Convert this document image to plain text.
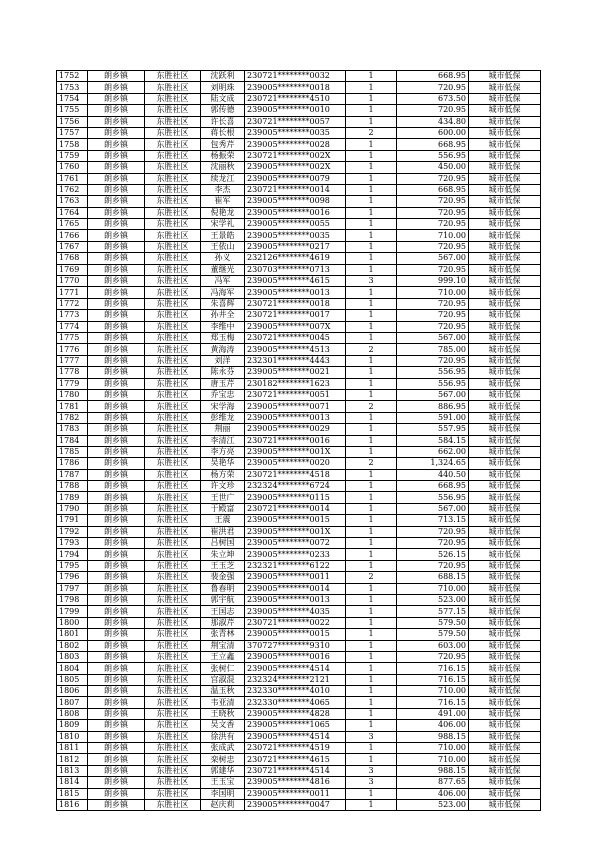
1752	朗乡镇	东胜社区	沈跃利	230721********0032	1	668.95	城市低保
1753	朗乡镇	东胜社区	刘明珠	239005********0018	1	720.95	城市低保
1754	朗乡镇	东胜社区	陆文成	230721********4510	1	673.50	城市低保
1755	朗乡镇	东胜社区	郭传德	239005********0010	1	720.95	城市低保
1756	朗乡镇	东胜社区	许长喜	230721********0057	1	434.80	城市低保
1757	朗乡镇	东胜社区	蒋长根	239005********0035	2	600.00	城市低保
1758	朗乡镇	东胜社区	包秀芹	239005********0028	1	668.95	城市低保
1759	朗乡镇	东胜社区	杨振荣	230721********002X	1	556.95	城市低保
1760	朗乡镇	东胜社区	沈丽秋	239005********002X	1	450.00	城市低保
1761	朗乡镇	东胜社区	续龙江	239005********0079	1	720.95	城市低保
1762	朗乡镇	东胜社区	李杰	230721********0014	1	668.95	城市低保
1763	朗乡镇	东胜社区	崔军	239005********0098	1	720.95	城市低保
1764	朗乡镇	东胜社区	倪艳龙	239005********0016	1	720.95	城市低保
1765	朗乡镇	东胜社区	宋学礼	239005********0055	1	720.95	城市低保
1766	朗乡镇	东胜社区	王景皓	239005********0035	1	710.00	城市低保
1767	朗乡镇	东胜社区	王依山	239005********0217	1	720.95	城市低保
1768	朗乡镇	东胜社区	孙义	232126********4619	1	567.00	城市低保
1769	朗乡镇	东胜社区	董继光	230703********0713	1	720.95	城市低保
1770	朗乡镇	东胜社区	冯军	239005********4615	3	999.10	城市低保
1771	朗乡镇	东胜社区	冯海军	239005********0013	1	710.00	城市低保
1772	朗乡镇	东胜社区	朱喜辉	230721********0018	1	720.95	城市低保
1773	朗乡镇	东胜社区	孙井全	230721********0017	1	720.95	城市低保
1774	朗乡镇	东胜社区	李维中	239005********007X	1	720.95	城市低保
1775	朗乡镇	东胜社区	郑玉梅	230721********0045	1	567.00	城市低保
1776	朗乡镇	东胜社区	黄海涛	239005********4513	2	785.00	城市低保
1777	朗乡镇	东胜社区	刘洋	232301********4443	1	720.95	城市低保
1778	朗乡镇	东胜社区	陈永芬	239005********0021	1	556.95	城市低保
1779	朗乡镇	东胜社区	唐玉芹	230182********1623	1	556.95	城市低保
1780	朗乡镇	东胜社区	乔宝忠	230721********0051	1	567.00	城市低保
1781	朗乡镇	东胜社区	宋学海	239005********0071	2	886.95	城市低保
1782	朗乡镇	东胜社区	彭维龙	239005********0013	1	591.00	城市低保
1783	朗乡镇	东胜社区	荆丽	239005********0029	1	557.95	城市低保
1784	朗乡镇	东胜社区	李清江	230721********0016	1	584.15	城市低保
1785	朗乡镇	东胜社区	李方亮	239005********001X	1	662.00	城市低保
1786	朗乡镇	东胜社区	吴艳华	239005********0020	2	1,324.65	城市低保
1787	朗乡镇	东胜社区	杨方荣	230721********4518	1	440.50	城市低保
1788	朗乡镇	东胜社区	许文珍	232324********6724	1	668.95	城市低保
1789	朗乡镇	东胜社区	王世广	239005********0115	1	556.95	城市低保
1790	朗乡镇	东胜社区	于殿富	230721********0014	1	567.00	城市低保
1791	朗乡镇	东胜社区	王震	239005********0015	1	713.15	城市低保
1792	朗乡镇	东胜社区	崔洪君	239005********001X	1	720.95	城市低保
1793	朗乡镇	东胜社区	吕树国	239005********0072	1	720.95	城市低保
1794	朗乡镇	东胜社区	朱立坤	239005********0233	1	526.15	城市低保
1795	朗乡镇	东胜社区	王玉芝	232321********6122	1	720.95	城市低保
1796	朗乡镇	东胜社区	裴金强	239005********0011	2	688.15	城市低保
1797	朗乡镇	东胜社区	鲁春明	239005********0014	1	710.00	城市低保
1798	朗乡镇	东胜社区	郭宇航	239005********0013	1	523.00	城市低保
1799	朗乡镇	东胜社区	王国志	239005********4035	1	577.15	城市低保
1800	朗乡镇	东胜社区	那淑芹	230721********0022	1	579.50	城市低保
1801	朗乡镇	东胜社区	张青林	239005********0015	1	579.50	城市低保
1802	朗乡镇	东胜社区	荆宝清	370727********9310	1	603.00	城市低保
1803	朗乡镇	东胜社区	王立鑫	239005********0016	1	720.95	城市低保
1804	朗乡镇	东胜社区	张树仁	239005********4514	1	716.15	城市低保
1805	朗乡镇	东胜社区	宫淑混	232324********2121	1	716.15	城市低保
1806	朗乡镇	东胜社区	温玉秋	232330********4010	1	710.00	城市低保
1807	朗乡镇	东胜社区	韦亚清	232330********4065	1	716.15	城市低保
1808	朗乡镇	东胜社区	王晓秋	239005********4828	1	491.00	城市低保
1809	朗乡镇	东胜社区	吴文香	239005********1065	1	406.00	城市低保
1810	朗乡镇	东胜社区	徐洪有	239005********4514	3	988.15	城市低保
1811	朗乡镇	东胜社区	张成武	230721********4519	1	710.00	城市低保
1812	朗乡镇	东胜社区	栾树忠	230721********4615	1	710.00	城市低保
1813	朗乡镇	东胜社区	郭建华	230721********4514	3	988.15	城市低保
1814	朗乡镇	东胜社区	王玉宝	239005********4816	3	877.65	城市低保
1815	朗乡镇	东胜社区	李国明	239005********0011	1	406.00	城市低保
1816	朗乡镇	东胜社区	赵庆莉	239005********0047	1	523.00	城市低保
